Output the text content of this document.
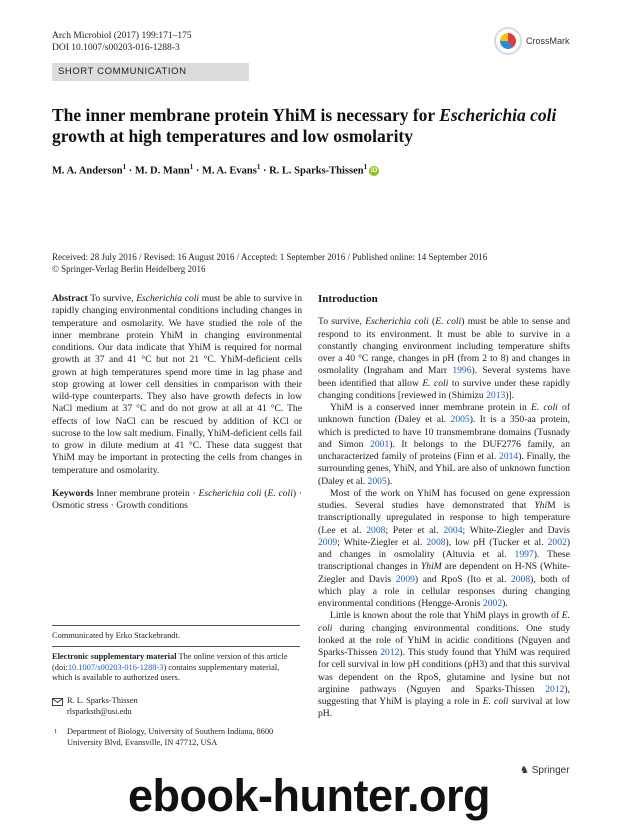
Arch Microbiol (2017) 199:171–175
DOI 10.1007/s00203-016-1288-3
CrossMark
SHORT COMMUNICATION
The inner membrane protein YhiM is necessary for Escherichia coli growth at high temperatures and low osmolarity
M. A. Anderson$^1$ · M. D. Mann$^1$ · M. A. Evans$^1$ · R. L. Sparks-Thissen$^1$ iD
Received: 28 July 2016 / Revised: 16 August 2016 / Accepted: 1 September 2016 / Published online: 14 September 2016
© Springer-Verlag Berlin Heidelberg 2016

Abstract To survive, Escherichia coli must be able to survive in rapidly changing environmental conditions including changes in temperature and osmolarity. We have studied the role of the inner membrane protein YhiM in changing environmental conditions. Our data indicate that YhiM is required for normal growth at 37 and 41 °C but not 21 °C. YhiM-deficient cells grown at high temperatures spend more time in lag phase and stop growing at lower cell densities in comparison with their wild-type counterparts. They also have growth defects in low NaCl medium at 37 °C and do not grow at all at 41 °C. The effects of low NaCl can be rescued by addition of KCl or sucrose to the low salt medium. Finally, YhiM-deficient cells fail to grow in dilute medium at 41 °C. These data suggest that YhiM may be important in protecting the cells from changes in temperature and osmolarity.

Keywords Inner membrane protein · Escherichia coli (E. coli) · Osmotic stress · Growth conditions

Communicated by Erko Stackebrandt.
Electronic supplementary material The online version of this article (doi:10.1007/s00203-016-1288-3) contains supplementary material, which is available to authorized users.
R. L. Sparks-Thissen
rlsparksth@usi.edu
1 Department of Biology, University of Southern Indiana, 8600
University Blvd, Evansville, IN 47712, USA

Introduction

To survive, Escherichia coli (E. coli) must be able to sense and respond to its environment. It must be able to survive in a constantly changing environment including temperature shifts over a 40 °C range, changes in pH (from 2 to 8) and changes in osmolality (Ingraham and Marr 1996). Several systems have been identified that allow E. coli to survive under these rapidly changing conditions [reviewed in (Shimizu 2013)].

YhiM is a conserved inner membrane protein in E. coli of unknown function (Daley et al. 2005). It is a 350-aa protein, which is predicted to have 10 transmembrane domains (Tusnady and Simon 2001). It belongs to the DUF2776 family, an uncharacterized family of proteins (Finn et al. 2014). Finally, the surrounding genes, YhiN, and YhiL are also of unknown function (Daley et al. 2005).

Most of the work on YhiM has focused on gene expression studies. Several studies have demonstrated that YhiM is transcriptionally upregulated in response to high temperature (Lee et al. 2008; Peter et al. 2004; White-Ziegler and Davis 2009; White-Ziegler et al. 2008), low pH (Tucker et al. 2002) and changes in osmolality (Altuvia et al. 1997). These transcriptional changes in YhiM are dependent on H-NS (White-Ziegler and Davis 2009) and RpoS (Ito et al. 2008), both of which play a role in cellular responses during changing environmental conditions (Hengge-Aronis 2002).

Little is known about the role that YhiM plays in growth of E. coli during changing environmental conditions. One study looked at the role of YhiM in acidic conditions (Nguyen and Sparks-Thissen 2012). This study found that YhiM was required for cell survival in low pH conditions (pH3) and that this survival was dependent on the RpoS, glutamine and lysine but not arginine pathways (Nguyen and Sparks-Thissen 2012), suggesting that YhiM is playing a role in E. coli survival at low pH.

♞ Springer
ebook-hunter.org
